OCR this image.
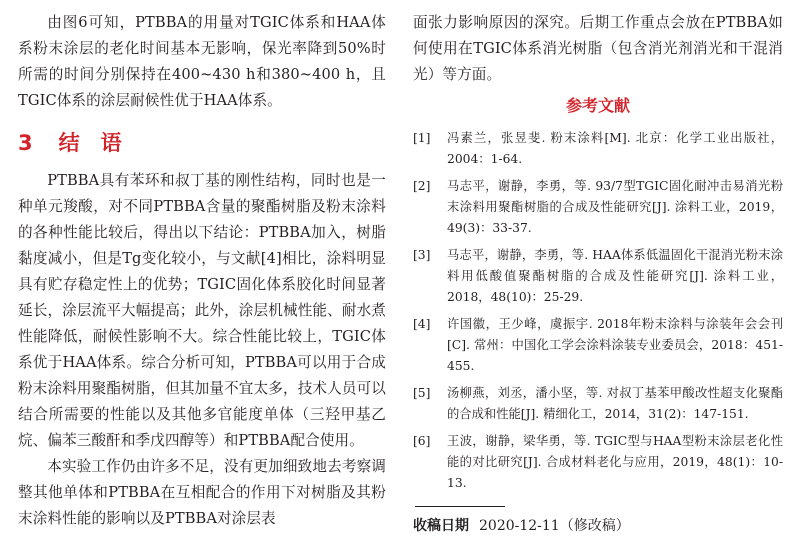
由图6可知，PTBBA的用量对TGIC体系和HAA体系粉末涂层的老化时间基本无影响，保光率降到50%时所需的时间分别保持在400~430 h和380~400 h，且TGIC体系的涂层耐候性优于HAA体系。

3 结　语

PTBBA具有苯环和叔丁基的刚性结构，同时也是一种单元羧酸，对不同PTBBA含量的聚酯树脂及粉末涂料的各种性能比较后，得出以下结论：PTBBA加入，树脂黏度减小，但是Tg变化较小，与文献[4]相比，涂料明显具有贮存稳定性上的优势；TGIC固化体系胶化时间显著延长，涂层流平大幅提高；此外，涂层机械性能、耐水煮性能降低，耐候性影响不大。综合性能比较上，TGIC体系优于HAA体系。综合分析可知，PTBBA可以用于合成粉末涂料用聚酯树脂，但其加量不宜太多，技术人员可以结合所需要的性能以及其他多官能度单体（三羟甲基乙烷、偏苯三酸酐和季戊四醇等）和PTBBA配合使用。

本实验工作仍由许多不足，没有更加细致地去考察调整其他单体和PTBBA在互相配合的作用下对树脂及其粉末涂料性能的影响以及PTBBA对涂层表

面张力影响原因的深究。后期工作重点会放在PTBBA如何使用在TGIC体系消光树脂（包含消光剂消光和干混消光）等方面。

参考文献
[1]	冯素兰，张昱斐. 粉末涂料[M]. 北京：化学工业出版社，2004：1-64.
[2]	马志平，谢静，李勇，等. 93/7型TGIC固化耐冲击易消光粉末涂料用聚酯树脂的合成及性能研究[J]. 涂料工业，2019，49(3)：33-37.
[3]	马志平，谢静，李勇，等. HAA体系低温固化干混消光粉末涂料用低酸值聚酯树脂的合成及性能研究[J]. 涂料工业，2018，48(10)：25-29.
[4]	许国徽，王少峰，虞振宇. 2018年粉末涂料与涂装年会会刊[C]. 常州：中国化工学会涂料涂装专业委员会，2018：451-455.
[5]	汤柳燕，刘丞，潘小坚，等. 对叔丁基苯甲酸改性超支化聚酯的合成和性能[J]. 精细化工，2014，31(2)：147-151.
[6]	王波，谢静，梁华勇，等. TGIC型与HAA型粉末涂层老化性能的对比研究[J]. 合成材料老化与应用，2019，48(1)：10-13.
收稿日期 2020-12-11（修改稿）
